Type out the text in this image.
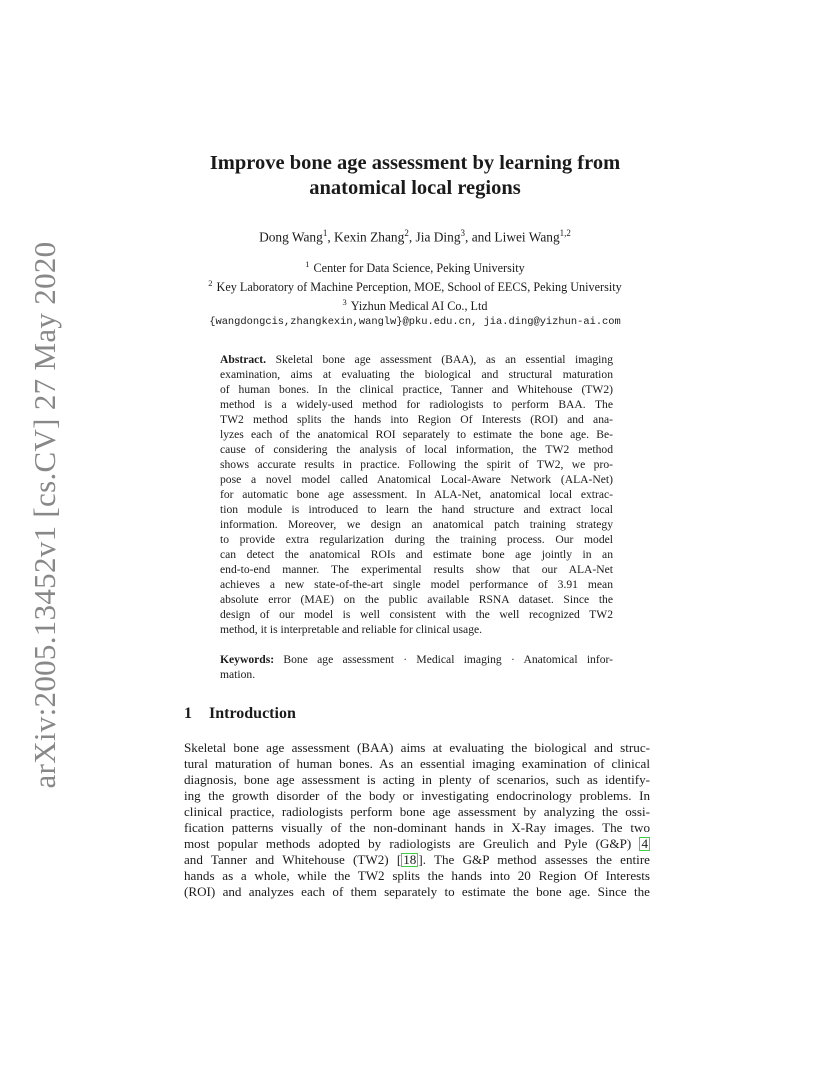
arXiv:2005.13452v1 [cs.CV] 27 May 2020
Improve bone age assessment by learning from
anatomical local regions
Dong Wang$^1$, Kexin Zhang$^2$, Jia Ding$^3$, and Liwei Wang$^{1,2}$
$^1$ Center for Data Science, Peking University
$^2$ Key Laboratory of Machine Perception, MOE, School of EECS, Peking University
$^3$ Yizhun Medical AI Co., Ltd
{wangdongcis,zhangkexin,wanglw}@pku.edu.cn, jia.ding@yizhun-ai.com
Abstract. Skeletal bone age assessment (BAA), as an essential imaging
examination, aims at evaluating the biological and structural maturation
of human bones. In the clinical practice, Tanner and Whitehouse (TW2)
method is a widely-used method for radiologists to perform BAA. The
TW2 method splits the hands into Region Of Interests (ROI) and ana-
lyzes each of the anatomical ROI separately to estimate the bone age. Be-
cause of considering the analysis of local information, the TW2 method
shows accurate results in practice. Following the spirit of TW2, we pro-
pose a novel model called Anatomical Local-Aware Network (ALA-Net)
for automatic bone age assessment. In ALA-Net, anatomical local extrac-
tion module is introduced to learn the hand structure and extract local
information. Moreover, we design an anatomical patch training strategy
to provide extra regularization during the training process. Our model
can detect the anatomical ROIs and estimate bone age jointly in an
end-to-end manner. The experimental results show that our ALA-Net
achieves a new state-of-the-art single model performance of 3.91 mean
absolute error (MAE) on the public available RSNA dataset. Since the
design of our model is well consistent with the well recognized TW2
method, it is interpretable and reliable for clinical usage.
Keywords: Bone age assessment · Medical imaging · Anatomical infor-
mation.
1 Introduction
Skeletal bone age assessment (BAA) aims at evaluating the biological and struc-
tural maturation of human bones. As an essential imaging examination of clinical
diagnosis, bone age assessment is acting in plenty of scenarios, such as identify-
ing the growth disorder of the body or investigating endocrinology problems. In
clinical practice, radiologists perform bone age assessment by analyzing the ossi-
fication patterns visually of the non-dominant hands in X-Ray images. The two
most popular methods adopted by radiologists are Greulich and Pyle (G&P) 4
and Tanner and Whitehouse (TW2) [ 18 ]. The G&P method assesses the entire
hands as a whole, while the TW2 splits the hands into 20 Region Of Interests
(ROI) and analyzes each of them separately to estimate the bone age. Since the
